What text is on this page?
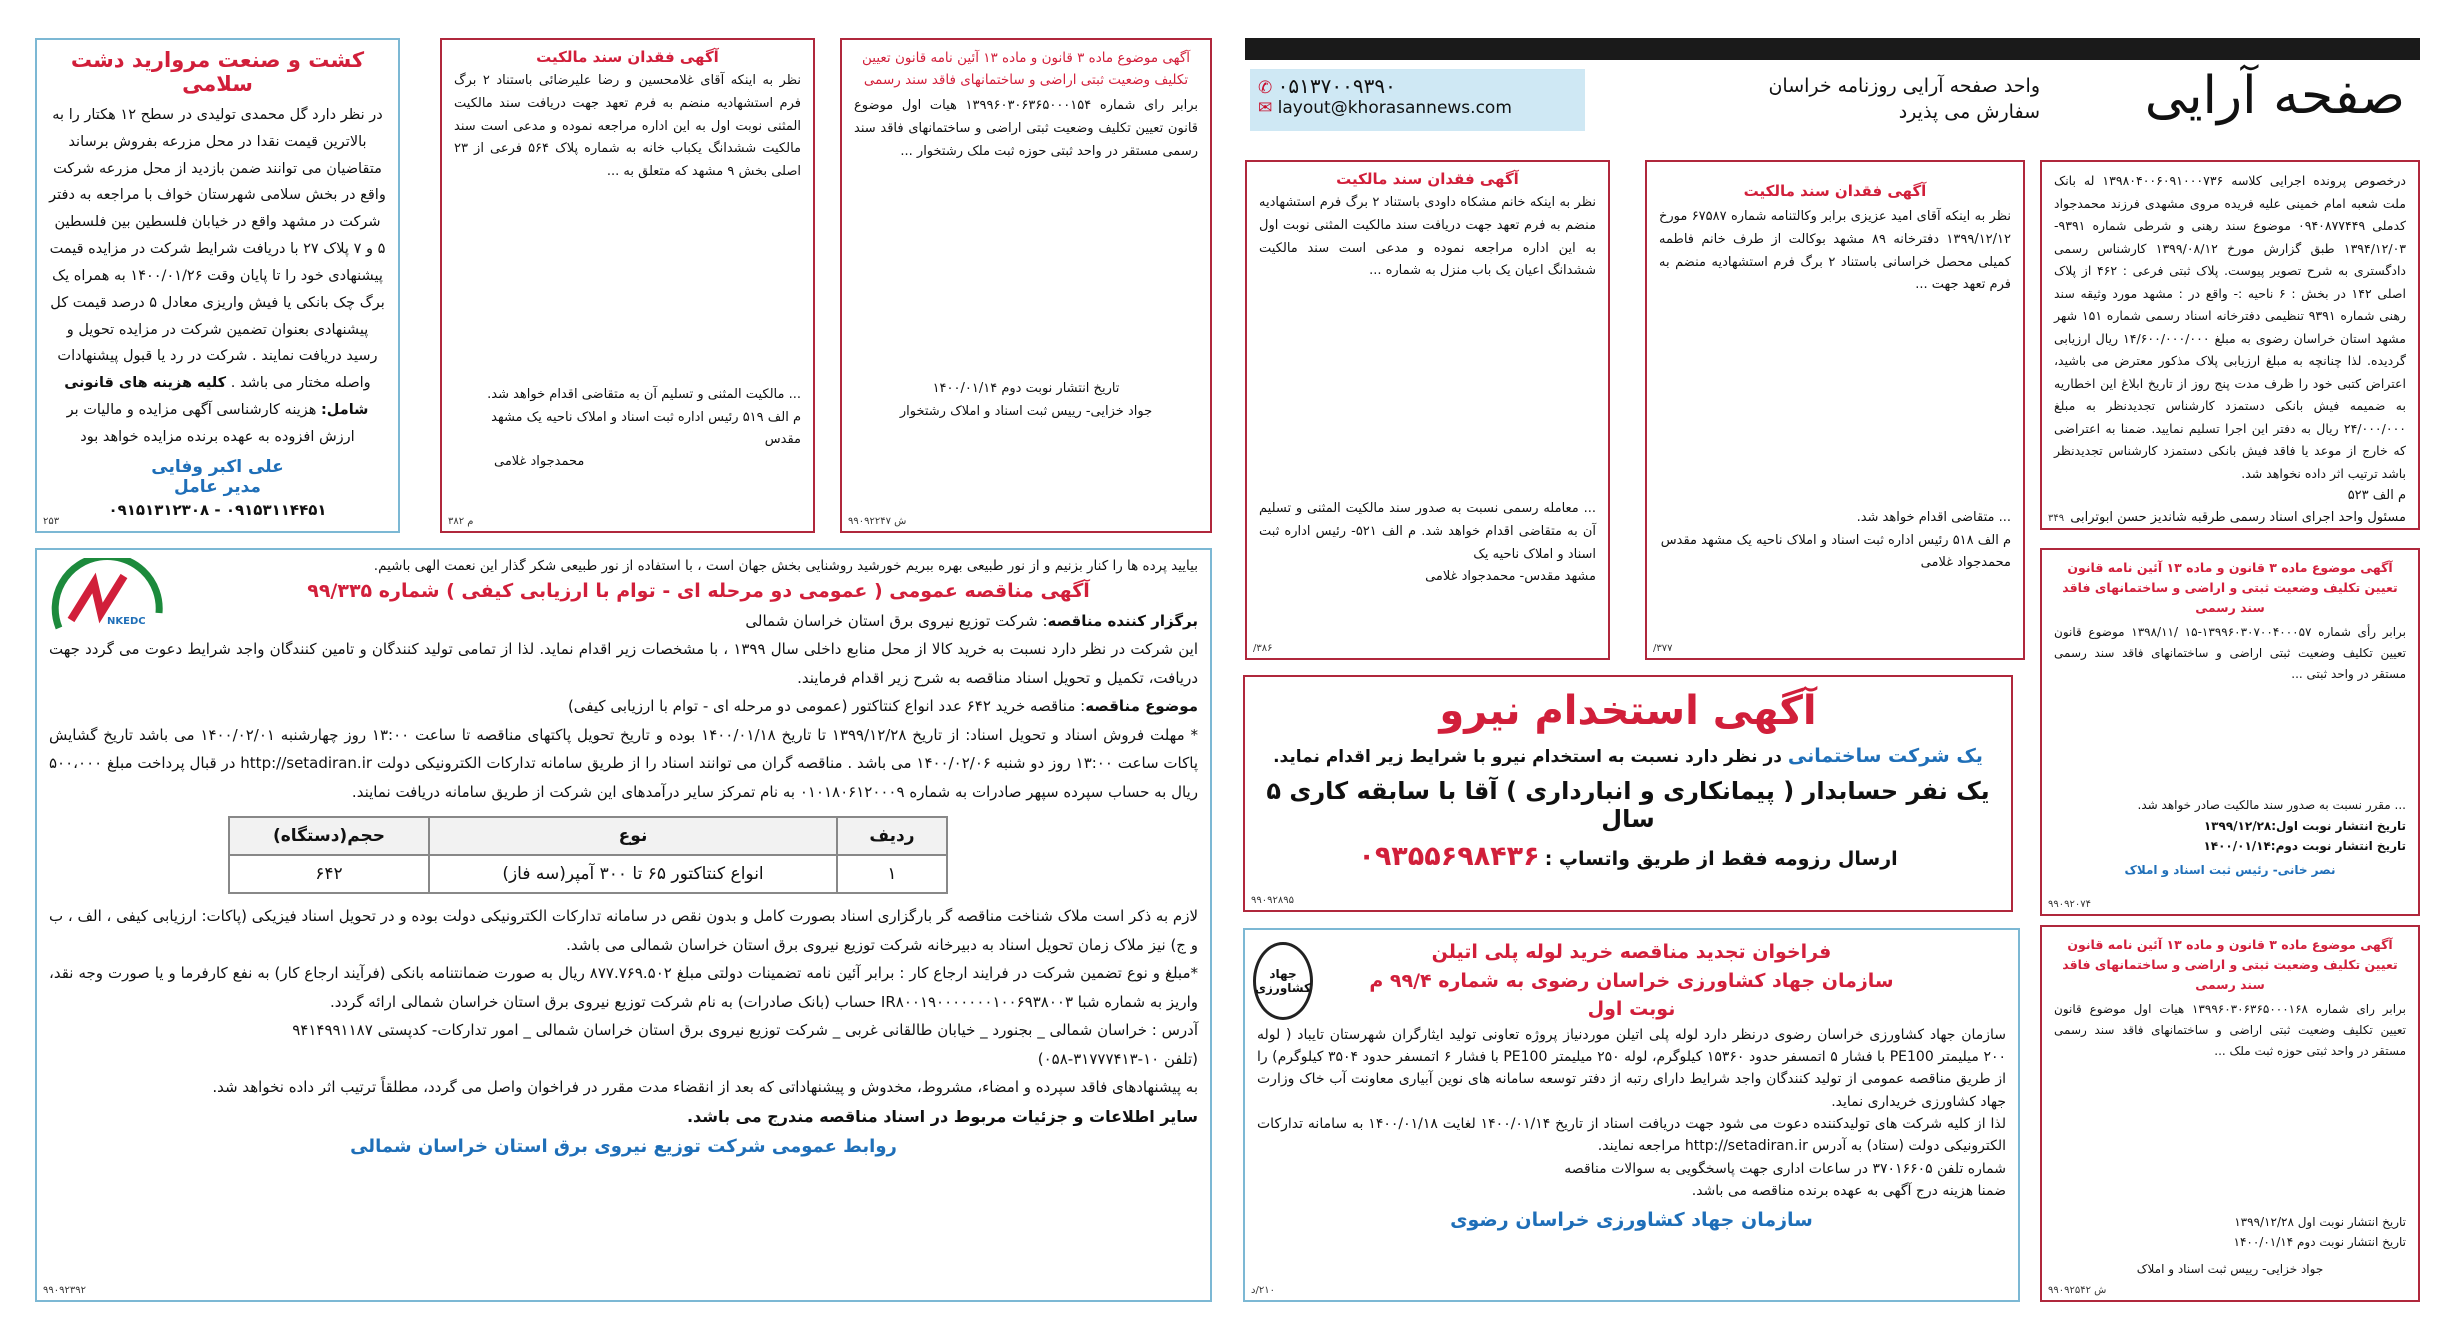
صفحه آرایی
واحد صفحه آرایی روزنامه خراسان
سفارش می پذیرد
✆ ۰۵۱۳۷۰۰۹۳۹۰
✉ layout@khorasannews.com
کشت و صنعت مروارید دشت سلامی
در نظر دارد گل محمدی تولیدی در سطح ۱۲ هکتار را به بالاترین قیمت نقدا در محل مزرعه بفروش برساند متقاضیان می توانند ضمن بازدید از محل مزرعه شرکت واقع در بخش سلامی شهرستان خواف با مراجعه به دفتر شرکت در مشهد واقع در خیابان فلسطین بین فلسطین ۵ و ۷ پلاک ۲۷ با دریافت شرایط شرکت در مزایده قیمت پیشنهادی خود را تا پایان وقت ۱۴۰۰/۰۱/۲۶ به همراه یک برگ چک بانکی یا فیش واریزی معادل ۵ درصد قیمت کل پیشنهادی بعنوان تضمین شرکت در مزایده تحویل و رسید دریافت نمایند . شرکت در رد یا قبول پیشنهادات واصله مختار می باشد . کلیه هزینه های قانونی شامل: هزینه کارشناسی آگهی مزایده و مالیات بر ارزش افزوده به عهده برنده مزایده خواهد بود
علی اکبر وفایی
مدیر عامل
۰۹۱۵۳۱۱۴۴۵۱ - ۰۹۱۵۱۳۱۲۳۰۸
۲۵۳
آگهی فقدان سند مالکیت
نظر به اینکه آقای غلامحسین و رضا علیرضائی باستناد ۲ برگ فرم استشهادیه منضم به فرم تعهد جهت دریافت سند مالکیت المثنی نوبت اول به این اداره مراجعه نموده و مدعی است سند مالکیت ششدانگ یکباب خانه به شماره پلاک ۵۶۴ فرعی از ۲۳ اصلی بخش ۹ مشهد که متعلق به ...
... مالکیت المثنی و تسلیم آن به متقاضی اقدام خواهد شد.
م الف ۵۱۹ رئیس اداره ثبت اسناد و املاک ناحیه یک مشهد مقدس
محمدجواد غلامی
م ۳۸۲
آگهی موضوع ماده ۳ قانون و ماده ۱۳ آئین نامه قانون تعیین تکلیف وضعیت ثبتی اراضی و ساختمانهای فاقد سند رسمی
برابر رای شماره ۱۳۹۹۶۰۳۰۶۳۶۵۰۰۰۱۵۴ هیات اول موضوع قانون تعیین تکلیف وضعیت ثبتی اراضی و ساختمانهای فاقد سند رسمی مستقر در واحد ثبتی حوزه ثبت ملک رشتخوار ...
تاریخ انتشار نوبت دوم ۱۴۰۰/۰۱/۱۴
جواد خزایی- رییس ثبت اسناد و املاک رشتخوار
ش ۹۹۰۹۲۲۴۷
آگهی فقدان سند مالکیت
نظر به اینکه خانم مشکاه داودی باستناد ۲ برگ فرم استشهادیه منضم به فرم تعهد جهت دریافت سند مالکیت المثنی نوبت اول به این اداره مراجعه نموده و مدعی است سند مالکیت ششدانگ اعیان یک باب منزل به شماره ...
... معامله رسمی نسبت به صدور سند مالکیت المثنی و تسلیم آن به متقاضی اقدام خواهد شد. م الف ۵۲۱- رئیس اداره ثبت اسناد و املاک ناحیه یک
مشهد مقدس- محمدجواد غلامی
۳۸۶/
آگهی فقدان سند مالکیت
نظر به اینکه آقای امید عزیزی برابر وکالتنامه شماره ۶۷۵۸۷ مورخ ۱۳۹۹/۱۲/۱۲ دفترخانه ۸۹ مشهد بوکالت از طرف خانم فاطمه کمیلی محصل خراسانی باستناد ۲ برگ فرم استشهادیه منضم به فرم تعهد جهت ...
... متقاضی اقدام خواهد شد.
م الف ۵۱۸ رئیس اداره ثبت اسناد و املاک ناحیه یک مشهد مقدس
محمدجواد غلامی
۳۷۷/
درخصوص پرونده اجرایی کلاسه ۱۳۹۸۰۴۰۰۶۰۹۱۰۰۰۷۳۶ له بانک ملت شعبه امام خمینی علیه فریده مروی مشهدی فرزند محمدجواد کدملی ۰۹۴۰۸۷۷۴۴۹ موضوع سند رهنی و شرطی شماره ۹۳۹۱- ۱۳۹۴/۱۲/۰۳ طبق گزارش مورخ ۱۳۹۹/۰۸/۱۲ کارشناس رسمی دادگستری به شرح تصویر پیوست. پلاک ثبتی فرعی : ۴۶۲ از پلاک اصلی ۱۴۲ در بخش : ۶ ناحیه :- واقع در : مشهد مورد وثیقه سند رهنی شماره ۹۳۹۱ تنظیمی دفترخانه اسناد رسمی شماره ۱۵۱ شهر مشهد استان خراسان رضوی به مبلغ ۱۴/۶۰۰/۰۰۰/۰۰۰ ریال ارزیابی گردیده. لذا چنانچه به مبلغ ارزیابی پلاک مذکور معترض می باشید، اعتراض کتبی خود را ظرف مدت پنج روز از تاریخ ابلاغ این اخطاریه به ضمیمه فیش بانکی دستمزد کارشناس تجدیدنظر به مبلغ ۲۴/۰۰۰/۰۰۰ ریال به دفتر این اجرا تسلیم نمایید. ضمنا به اعتراضی که خارج از موعد یا فاقد فیش بانکی دستمزد کارشناس تجدیدنظر باشد ترتیب اثر داده نخواهد شد.
م الف ۵۲۳
مسئول واحد اجرای اسناد رسمی طرقبه شاندیز حسن ابوترابی
۳۴۹
آگهی موضوع ماده ۳ قانون و ماده ۱۳ آئین نامه قانون تعیین تکلیف وضعیت ثبتی و اراضی و ساختمانهای فاقد سند رسمی
برابر رأی شماره ۱۳۹۹۶۰۳۰۷۰۰۴۰۰۰۵۷-۱۵ /۱۳۹۸/۱۱ موضوع قانون تعیین تکلیف وضعیت ثبتی اراضی و ساختمانهای فاقد سند رسمی مستقر در واحد ثبتی ...
... مقرر نسبت به صدور سند مالکیت صادر خواهد شد.
تاریخ انتشار نوبت اول:۱۳۹۹/۱۲/۲۸
تاریخ انتشار نوبت دوم:۱۴۰۰/۰۱/۱۴
نصر خانی- رئیس ثبت اسناد و املاک
۹۹۰۹۲۰۷۴
آگهی موضوع ماده ۳ قانون و ماده ۱۳ آئین نامه قانون تعیین تکلیف وضعیت ثبتی و اراضی و ساختمانهای فاقد سند رسمی
برابر رای شماره ۱۳۹۹۶۰۳۰۶۳۶۵۰۰۰۱۶۸ هیات اول موضوع قانون تعیین تکلیف وضعیت ثبتی اراضی و ساختمانهای فاقد سند رسمی مستقر در واحد ثبتی حوزه ثبت ملک ...
تاریخ انتشار نوبت اول ۱۳۹۹/۱۲/۲۸
تاریخ انتشار نوبت دوم ۱۴۰۰/۰۱/۱۴
جواد خزایی- رییس ثبت اسناد و املاک
ش ۹۹۰۹۲۵۴۲
آگهی استخدام نیرو
یک شرکت ساختمانی در نظر دارد نسبت به استخدام نیرو با شرایط زیر اقدام نماید.
یک نفر حسابدار ( پیمانکاری و انبارداری ) آقا با سابقه کاری ۵ سال
ارسال رزومه فقط از طریق واتساپ : ۰۹۳۵۵۶۹۸۴۳۶
۹۹۰۹۲۸۹۵
جهاد کشاورزی
فراخوان تجدید مناقصه خرید لوله پلی اتیلن
سازمان جهاد کشاورزی خراسان رضوی به شماره ۹۹/۴ م
نوبت اول
سازمان جهاد کشاورزی خراسان رضوی درنظر دارد لوله پلی اتیلن موردنیاز پروژه تعاونی تولید ایثارگران شهرستان تایباد ( لوله ۲۰۰ میلیمتر PE100 با فشار ۵ اتمسفر حدود ۱۵۳۶۰ کیلوگرم، لوله ۲۵۰ میلیمتر PE100 با فشار ۶ اتمسفر حدود ۳۵۰۴ کیلوگرم) را از طریق مناقصه عمومی از تولید کنندگان واجد شرایط دارای رتبه از دفتر توسعه سامانه های نوین آبیاری معاونت آب خاک وزارت جهاد کشاورزی خریداری نماید.
لذا از کلیه شرکت های تولیدکننده دعوت می شود جهت دریافت اسناد از تاریخ ۱۴۰۰/۰۱/۱۴ لغایت ۱۴۰۰/۰۱/۱۸ به سامانه تدارکات الکترونیکی دولت (ستاد) به آدرس http://setadiran.ir مراجعه نمایند.
شماره تلفن ۳۷۰۱۶۶۰۵ در ساعات اداری جهت پاسخگویی به سوالات مناقصه
ضمنا هزینه درج آگهی به عهده برنده مناقصه می باشد.
سازمان جهاد کشاورزی خراسان رضوی
۲۱۰/د
NKEDC
بیایید پرده ها را کنار بزنیم و از نور طبیعی بهره ببریم خورشید روشنایی بخش جهان است ، با استفاده از نور طبیعی شکر گذار این نعمت الهی باشیم.
آگهی مناقصه عمومی ( عمومی دو مرحله ای - توام با ارزیابی کیفی ) شماره ۹۹/۳۳۵
برگزار کننده مناقصه: شرکت توزیع نیروی برق استان خراسان شمالی
این شرکت در نظر دارد نسبت به خرید کالا از محل منابع داخلی سال ۱۳۹۹ ، با مشخصات زیر اقدام نماید. لذا از تمامی تولید کنندگان و تامین کنندگان واجد شرایط دعوت می گردد جهت دریافت، تکمیل و تحویل اسناد مناقصه به شرح زیر اقدام فرمایند.
موضوع مناقصه: مناقصه خرید ۶۴۲ عدد انواع کنتاکتور (عمومی دو مرحله ای - توام با ارزیابی کیفی)
* مهلت فروش اسناد و تحویل اسناد: از تاریخ ۱۳۹۹/۱۲/۲۸ تا تاریخ ۱۴۰۰/۰۱/۱۸ بوده و تاریخ تحویل پاکتهای مناقصه تا ساعت ۱۳:۰۰ روز چهارشنبه ۱۴۰۰/۰۲/۰۱ می باشد تاریخ گشایش پاکات ساعت ۱۳:۰۰ روز دو شنبه ۱۴۰۰/۰۲/۰۶ می باشد . مناقصه گران می توانند اسناد را از طریق سامانه تدارکات الکترونیکی دولت http://setadiran.ir در قبال پرداخت مبلغ ۵۰۰،۰۰۰ ریال به حساب سپرده سپهر صادرات به شماره ۰۱۰۱۸۰۶۱۲۰۰۰۹ به نام تمرکز سایر درآمدهای این شرکت از طریق سامانه دریافت نمایند.
ردیف	نوع	حجم(دستگاه)
۱	انواع کنتاکتور ۶۵ تا ۳۰۰ آمپر(سه فاز)	۶۴۲
لازم به ذکر است ملاک شناخت مناقصه گر بارگزاری اسناد بصورت کامل و بدون نقص در سامانه تدارکات الکترونیکی دولت بوده و در تحویل اسناد فیزیکی (پاکات: ارزیابی کیفی ، الف ، ب و ج) نیز ملاک زمان تحویل اسناد به دبیرخانه شرکت توزیع نیروی برق استان خراسان شمالی می باشد.
*مبلغ و نوع تضمین شرکت در فرایند ارجاع کار : برابر آئین نامه تضمینات دولتی مبلغ ۸۷۷.۷۶۹.۵۰۲ ریال به صورت ضمانتنامه بانکی (فرآیند ارجاع کار) به نفع کارفرما و یا صورت وجه نقد، واریز به شماره شبا IR۸۰۰۱۹۰۰۰۰۰۰۰۱۰۰۶۹۳۸۰۰۳ حساب (بانک صادرات) به نام شرکت توزیع نیروی برق استان خراسان شمالی ارائه گردد.
آدرس : خراسان شمالی _ بجنورد _ خیابان طالقانی غربی _ شرکت توزیع نیروی برق استان خراسان شمالی _ امور تدارکات- کدپستی ۹۴۱۴۹۹۱۱۸۷
(تلفن ۱۰-۳۱۷۷۷۴۱۳-۰۵۸)
به پیشنهادهای فاقد سپرده و امضاء، مشروط، مخدوش و پیشنهاداتی که بعد از انقضاء مدت مقرر در فراخوان واصل می گردد، مطلقاً ترتیب اثر داده نخواهد شد.
سایر اطلاعات و جزئیات مربوط در اسناد مناقصه مندرج می باشد.
روابط عمومی شرکت توزیع نیروی برق استان خراسان شمالی
۹۹۰۹۲۳۹۲
